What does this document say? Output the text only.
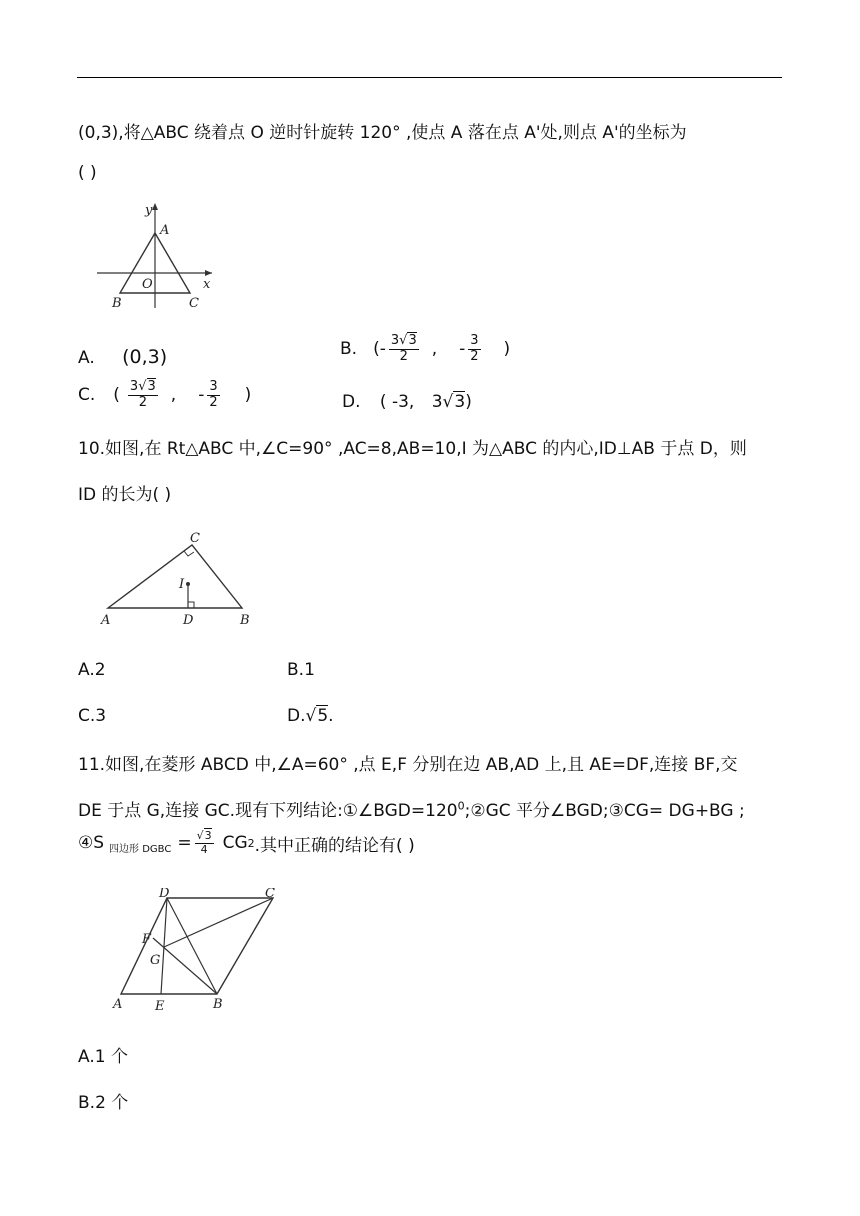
(0,3),将△ABC 绕着点 O 逆时针旋转 120° ,使点 A 落在点 A'处,则点 A'的坐标为
( )
y
A
O	x
B	C
A. (0,3)	B. (- $\frac{3√3}{2}$ , - $\frac{3}{2}$ )
C. ( $\frac{3√3}{2}$ , - $\frac{3}{2}$ )	D. ( -3, 3√3)
10.如图,在 Rt△ABC 中,∠C=90° ,AC=8,AB=10,I 为△ABC 的内心,ID⊥AB 于点 D，则
ID 的长为( )
C
I
A	D	B
A.2	B.1
C.3	D.√5.
11.如图,在菱形 ABCD 中,∠A=60° ,点 E,F 分别在边 AB,AD 上,且 AE=DF,连接 BF,交
DE 于点 G,连接 GC.现有下列结论$:①\angle BGD=120^0;②GC$ 平分∠BGD;③CG= DG+BG ;
④S 四边形 DGBC = $\frac{√3}{4}$ CG 2 .其中正确的结论有( )
D	C
F
G
A	E	B
A.1 个
B.2 个
